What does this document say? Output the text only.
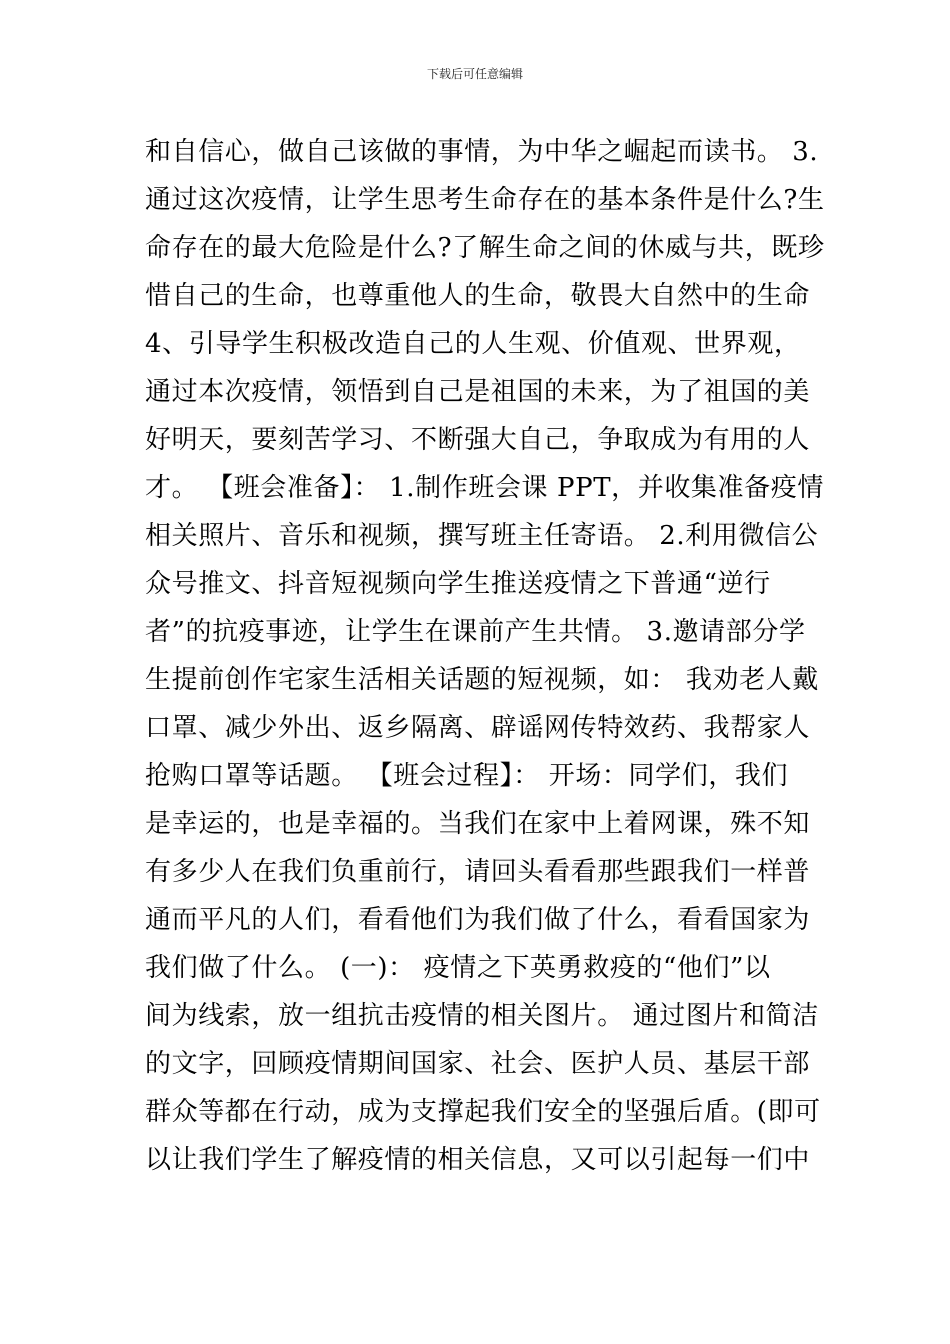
下载后可任意编辑
和自信心，做自己该做的事情，为中华之崛起而读书。 3.
通过这次疫情，让学生思考生命存在的基本条件是什么?生
命存在的最大危险是什么?了解生命之间的休威与共，既珍
惜自己的生命，也尊重他人的生命，敬畏大自然中的生命
4、引导学生积极改造自己的人生观、价值观、世界观，
通过本次疫情，领悟到自己是祖国的未来，为了祖国的美
好明天，要刻苦学习、不断强大自己，争取成为有用的人
才。 【班会准备】： 1.制作班会课 PPT，并收集准备疫情
相关照片、音乐和视频，撰写班主任寄语。 2.利用微信公
众号推文、抖音短视频向学生推送疫情之下普通“逆行
者”的抗疫事迹，让学生在课前产生共情。 3.邀请部分学
生提前创作宅家生活相关话题的短视频，如： 我劝老人戴
口罩、减少外出、返乡隔离、辟谣网传特效药、我帮家人
抢购口罩等话题。 【班会过程】： 开场：同学们，我们
是幸运的，也是幸福的。当我们在家中上着网课，殊不知
有多少人在我们负重前行，请回头看看那些跟我们一样普
通而平凡的人们，看看他们为我们做了什么，看看国家为
我们做了什么。 (一)： 疫情之下英勇救疫的“他们”以
间为线索，放一组抗击疫情的相关图片。 通过图片和简洁
的文字，回顾疫情期间国家、社会、医护人员、基层干部
群众等都在行动，成为支撑起我们安全的坚强后盾。(即可
以让我们学生了解疫情的相关信息，又可以引起每一们中
